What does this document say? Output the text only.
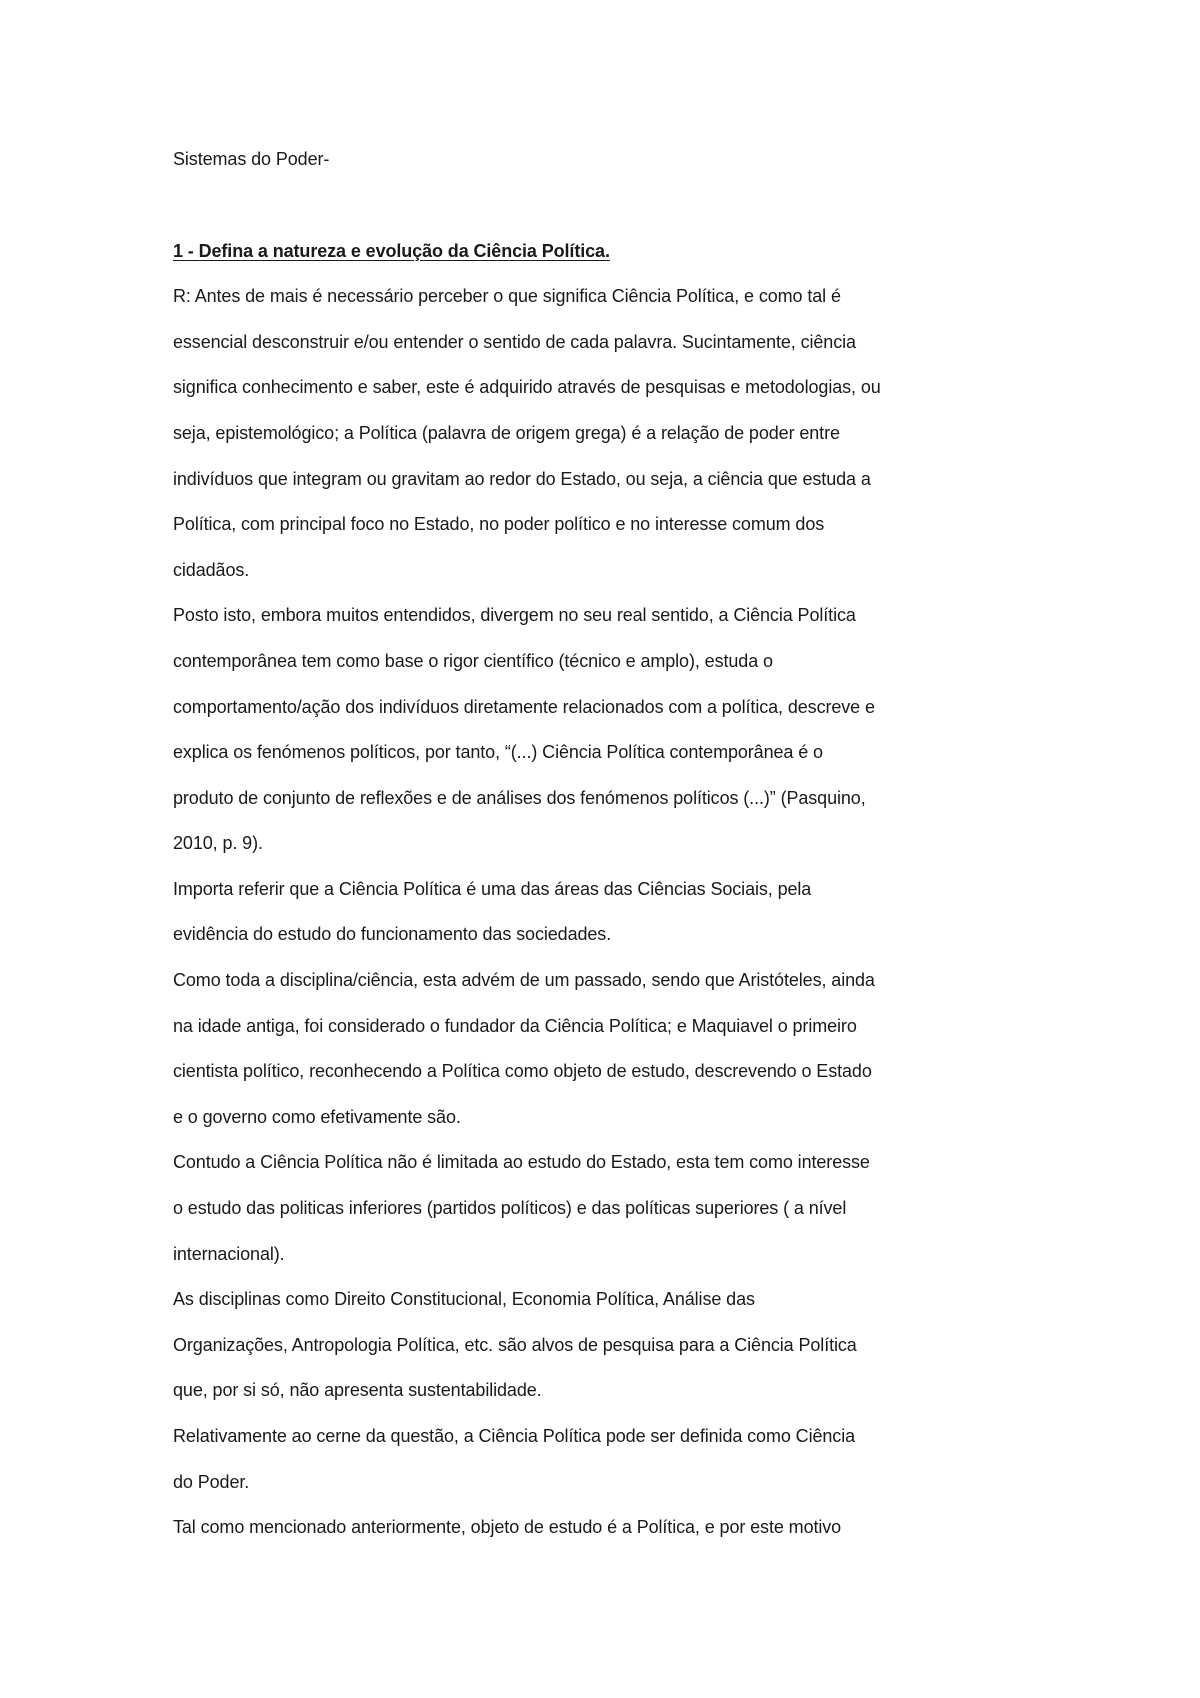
Sistemas do Poder-

1 - Defina a natureza e evolução da Ciência Política.

R: Antes de mais é necessário perceber o que significa Ciência Política, e como tal é

essencial desconstruir e/ou entender o sentido de cada palavra. Sucintamente, ciência

significa conhecimento e saber, este é adquirido através de pesquisas e metodologias, ou

seja, epistemológico; a Política (palavra de origem grega) é a relação de poder entre

indivíduos que integram ou gravitam ao redor do Estado, ou seja, a ciência que estuda a

Política, com principal foco no Estado, no poder político e no interesse comum dos

cidadãos.

Posto isto, embora muitos entendidos, divergem no seu real sentido, a Ciência Política

contemporânea tem como base o rigor científico (técnico e amplo), estuda o

comportamento/ação dos indivíduos diretamente relacionados com a política, descreve e

explica os fenómenos políticos, por tanto, “(...) Ciência Política contemporânea é o

produto de conjunto de reflexões e de análises dos fenómenos políticos (...)” (Pasquino,

2010, p. 9).

Importa referir que a Ciência Política é uma das áreas das Ciências Sociais, pela

evidência do estudo do funcionamento das sociedades.

Como toda a disciplina/ciência, esta advém de um passado, sendo que Aristóteles, ainda

na idade antiga, foi considerado o fundador da Ciência Política; e Maquiavel o primeiro

cientista político, reconhecendo a Política como objeto de estudo, descrevendo o Estado

e o governo como efetivamente são.

Contudo a Ciência Política não é limitada ao estudo do Estado, esta tem como interesse

o estudo das politicas inferiores (partidos políticos) e das políticas superiores ( a nível

internacional).

As disciplinas como Direito Constitucional, Economia Política, Análise das

Organizações, Antropologia Política, etc. são alvos de pesquisa para a Ciência Política

que, por si só, não apresenta sustentabilidade.

Relativamente ao cerne da questão, a Ciência Política pode ser definida como Ciência

do Poder.

Tal como mencionado anteriormente, objeto de estudo é a Política, e por este motivo
